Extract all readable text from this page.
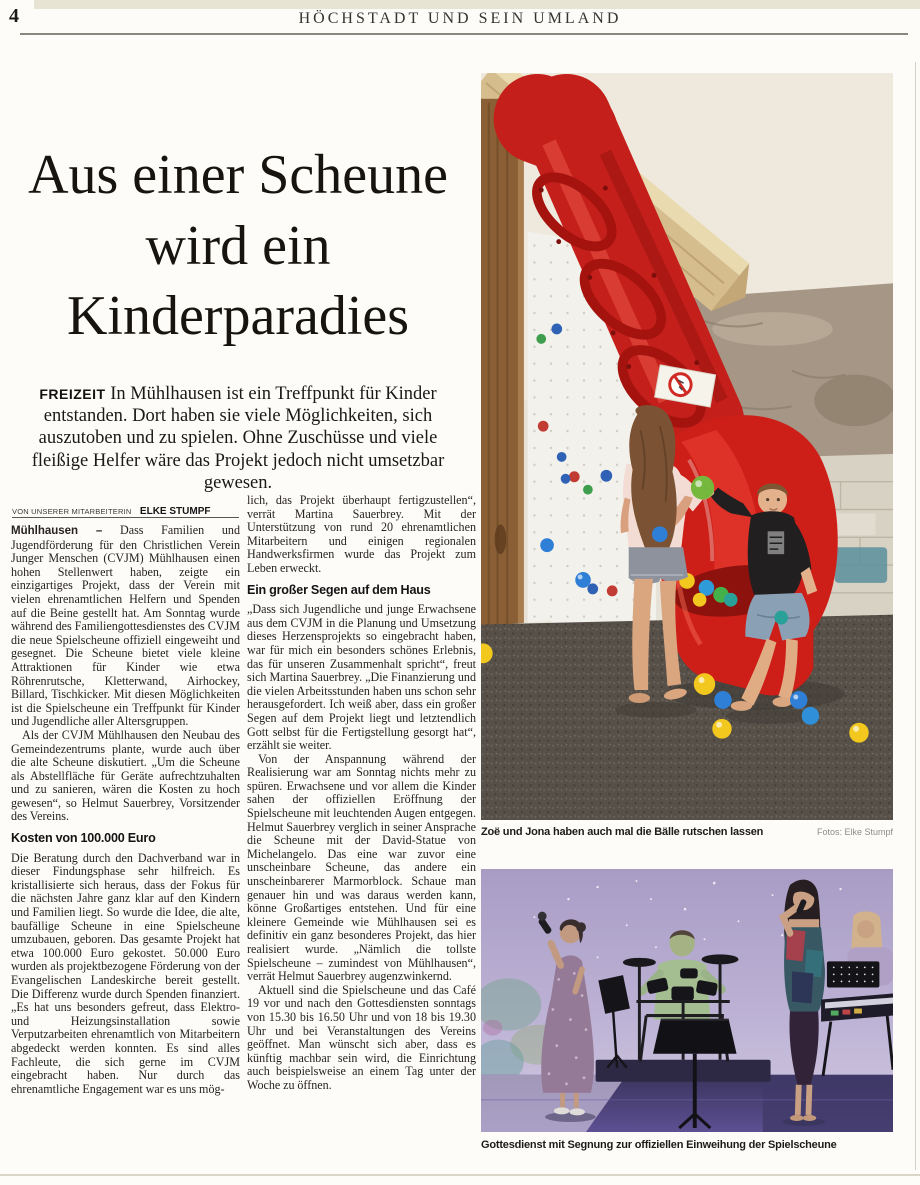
4	HÖCHSTADT UND SEIN UMLAND
Aus einer Scheune wird ein Kinderparadies
FREIZEIT In Mühlhausen ist ein Treffpunkt für Kinder entstanden. Dort haben sie viele Möglichkeiten, sich auszutoben und zu spielen. Ohne Zuschüsse und viele fleißige Helfer wäre das Projekt jedoch nicht umsetzbar gewesen.
VON UNSERER MITARBEITERIN ELKE STUMPF

Mühlhausen – Dass Familien und Jugendförderung für den Christlichen Verein Junger Menschen (CVJM) Mühlhausen einen hohen Stellenwert haben, zeigte ein einzigartiges Projekt, dass der Verein mit vielen ehrenamtlichen Helfern und Spenden auf die Beine gestellt hat. Am Sonntag wurde während des Familiengottesdienstes des CVJM die neue Spielscheune offiziell eingeweiht und gesegnet. Die Scheune bietet viele kleine Attraktionen für Kinder wie etwa Röhrenrutsche, Kletterwand, Airhockey, Billard, Tischkicker. Mit diesen Möglichkeiten ist die Spielscheune ein Treffpunkt für Kinder und Jugendliche aller Altersgruppen.

Als der CVJM Mühlhausen den Neubau des Gemeindezentrums plante, wurde auch über die alte Scheune diskutiert. „Um die Scheune als Abstellfläche für Geräte aufrechtzuhalten und zu sanieren, wären die Kosten zu hoch gewesen“, so Helmut Sauerbrey, Vorsitzender des Vereins.

Kosten von 100.000 Euro

Die Beratung durch den Dachverband war in dieser Findungsphase sehr hilfreich. Es kristallisierte sich heraus, dass der Fokus für die nächsten Jahre ganz klar auf den Kindern und Familien liegt. So wurde die Idee, die alte, baufällige Scheune in eine Spielscheune umzubauen, geboren. Das gesamte Projekt hat etwa 100.000 Euro gekostet. 50.000 Euro wurden als projektbezogene Förderung von der Evangelischen Landeskirche bereit gestellt. Die Differenz wurde durch Spenden finanziert. „Es hat uns besonders gefreut, dass Elektro- und Heizungsinstallation sowie Verputzarbeiten ehrenamtlich von Mitarbeitern abgedeckt werden konnten. Es sind alles Fachleute, die sich gerne im CVJM eingebracht haben. Nur durch das ehrenamtliche Engagement war es uns mög-

lich, das Projekt überhaupt fertigzustellen“, verrät Martina Sauerbrey. Mit der Unterstützung von rund 20 ehrenamtlichen Mitarbeitern und einigen regionalen Handwerksfirmen wurde das Projekt zum Leben erweckt.

Ein großer Segen auf dem Haus

„Dass sich Jugendliche und junge Erwachsene aus dem CVJM in die Planung und Umsetzung dieses Herzensprojekts so eingebracht haben, war für mich ein besonders schönes Erlebnis, das für unseren Zusammenhalt spricht“, freut sich Martina Sauerbrey. „Die Finanzierung und die vielen Arbeitsstunden haben uns schon sehr herausgefordert. Ich weiß aber, dass ein großer Segen auf dem Projekt liegt und letztendlich Gott selbst für die Fertigstellung gesorgt hat“, erzählt sie weiter.

Von der Anspannung während der Realisierung war am Sonntag nichts mehr zu spüren. Erwachsene und vor allem die Kinder sahen der offiziellen Eröffnung der Spielscheune mit leuchtenden Augen entgegen. Helmut Sauerbrey verglich in seiner Ansprache die Scheune mit der David-Statue von Michelangelo. Das eine war zuvor eine unscheinbare Scheune, das andere ein unscheinbarerer Marmorblock. Schaue man genauer hin und was daraus werden kann, könne Großartiges entstehen. Und für eine kleinere Gemeinde wie Mühlhausen sei es definitiv ein ganz besonderes Projekt, das hier realisiert wurde. „Nämlich die tollste Spielscheune – zumindest von Mühlhausen“, verrät Helmut Sauerbrey augenzwinkernd.

Aktuell sind die Spielscheune und das Café 19 vor und nach den Gottesdiensten sonntags von 15.30 bis 16.50 Uhr und von 18 bis 19.30 Uhr und bei Veranstaltungen des Vereins geöffnet. Man wünscht sich aber, dass es künftig machbar sein wird, die Einrichtung auch beispielsweise an einem Tag unter der Woche zu öffnen.

Zoë und Jona haben auch mal die Bälle rutschen lassen	Fotos: Elke Stumpf
Gottesdienst mit Segnung zur offiziellen Einweihung der Spielscheune
